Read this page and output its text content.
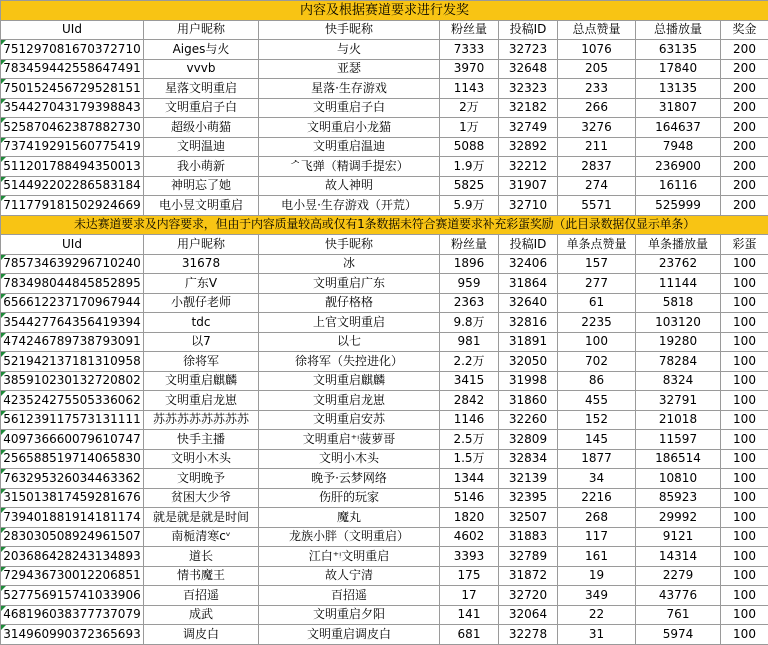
内容及根据赛道要求进行发奖							
UId	用户昵称	快手昵称	粉丝量	投稿ID	总点赞量	总播放量	奖金
751297081670372710	Aiges与火	与火	7333	32723	1076	63135	200
783459442558647491	vvvb	亚瑟	3970	32648	205	17840	200
750152456729528151	星落文明重启	星落·生存游戏	1143	32323	233	13135	200
354427043179398843	文明重启子白	文明重启子白	2万	32182	266	31807	200
525870462387882730	超级小萌猫	文明重启小龙猫	1万	32749	3276	164637	200
737419291560775419	文明温迪	文明重启温迪	5088	32892	211	7948	200
511201788494350013	我小萌新	ᄼ飞弹（精调手提宏）	1.9万	32212	2837	236900	200
514492202286583184	神明忘了她	故人神明	5825	31907	274	16116	200
711779181502924669	电小昱文明重启	电小昱·生存游戏（开荒）	5.9万	32710	5571	525999	200
未达赛道要求及内容要求，但由于内容质量较高或仅有1条数据未符合赛道要求补充彩蛋奖励（此目录数据仅显示单条）							
UId	用户昵称	快手昵称	粉丝量	投稿ID	单条点赞量	单条播放量	彩蛋
785734639296710240	31678	冰	1896	32406	157	23762	100
783498044845852895	广东V	文明重启广东	959	31864	277	11144	100
656612237170967944	小靓仔老师	靓仔格格	2363	32640	61	5818	100
354427764356419394	tdc	上官文明重启	9.8万	32816	2235	103120	100
474246789738793091	以7	以七	981	31891	100	19280	100
521942137181310958	徐将军	徐将军（失控进化）	2.2万	32050	702	78284	100
385910230132720802	文明重启麒麟	文明重启麒麟	3415	31998	86	8324	100
423524275505336062	文明重启龙崽	文明重启龙崽	2842	31860	455	32791	100
561239117573131111	苏苏苏苏苏苏苏苏	文明重启安苏	1146	32260	152	21018	100
409736660079610747	快手主播	文明重启⁺ᵎ菠萝哥	2.5万	32809	145	11597	100
256588519714065830	文明小木头	文明小木头	1.5万	32834	1877	186514	100
763295326034463362	文明晚予	晚予·云梦网络	1344	32139	34	10810	100
315013817459281676	贫困大少爷	伤肝的玩家	5146	32395	2216	85923	100
739401881914181174	就是就是就是时间	魔丸	1820	32507	268	29992	100
283030508924961507	南栀清寒ᴄᵛ	龙族小胖（文明重启）	4602	31883	117	9121	100
203686428243134893	道长	江白⁺ᵎ文明重启	3393	32789	161	14314	100
729436730012206851	情书魔王	故人宁清	175	31872	19	2279	100
527756915741033906	百招遥	百招遥	17	32720	349	43776	100
468196038377737079	成武	文明重启夕阳	141	32064	22	761	100
314960990372365693	调皮白	文明重启调皮白	681	32278	31	5974	100
